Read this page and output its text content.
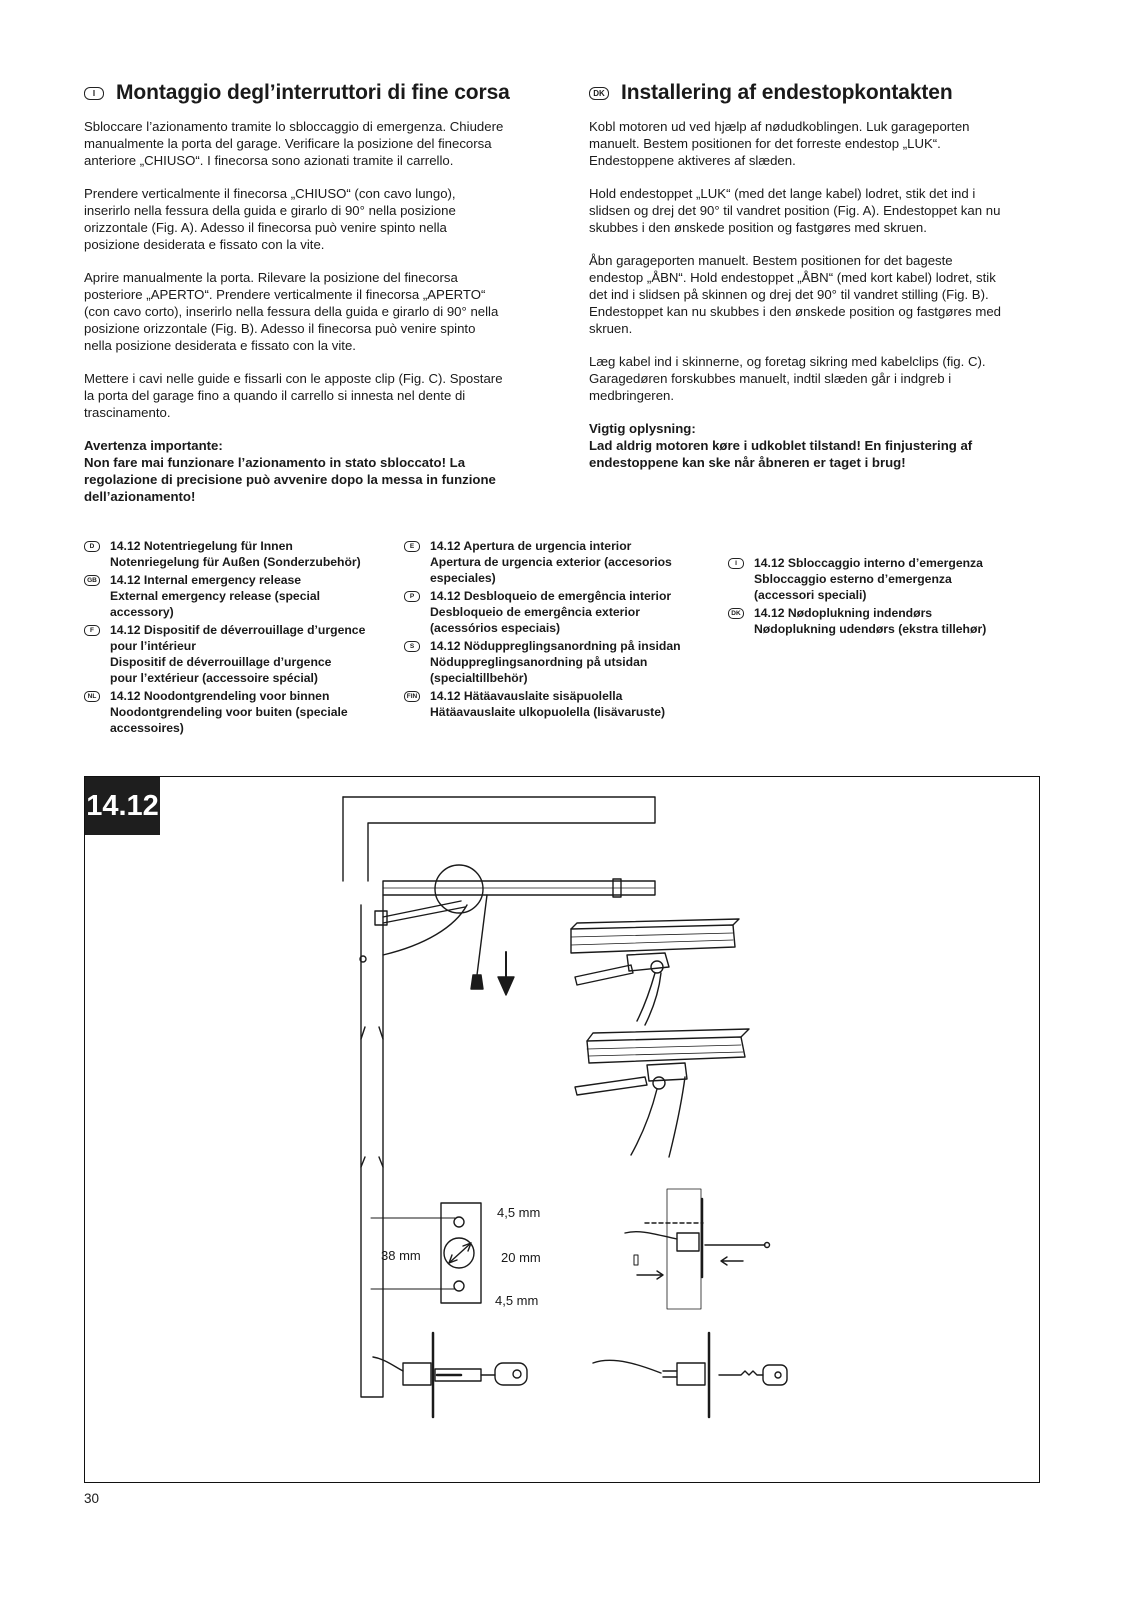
I Montaggio degl’interruttori di fine corsa

Sbloccare l’azionamento tramite lo sbloccaggio di emergenza. Chiudere
manualmente la porta del garage. Verificare la posizione del finecorsa
anteriore „CHIUSO“. I finecorsa sono azionati tramite il carrello.

Prendere verticalmente il finecorsa „CHIUSO“ (con cavo lungo),
inserirlo nella fessura della guida e girarlo di 90° nella posizione
orizzontale (Fig. A). Adesso il finecorsa può venire spinto nella
posizione desiderata e fissato con la vite.

Aprire manualmente la porta. Rilevare la posizione del finecorsa
posteriore „APERTO“. Prendere verticalmente il finecorsa „APERTO“
(con cavo corto), inserirlo nella fessura della guida e girarlo di 90° nella
posizione orizzontale (Fig. B). Adesso il finecorsa può venire spinto
nella posizione desiderata e fissato con la vite.

Mettere i cavi nelle guide e fissarli con le apposte clip (Fig. C). Spostare
la porta del garage fino a quando il carrello si innesta nel dente di
trascinamento.

Avertenza importante:

Non fare mai funzionare l’azionamento in stato sbloccato! La
regolazione di precisione può avvenire dopo la messa in funzione
dell’azionamento!

DK Installering af endestopkontakten

Kobl motoren ud ved hjælp af nødudkoblingen. Luk garageporten
manuelt. Bestem positionen for det forreste endestop „LUK“.
Endestoppene aktiveres af slæden.

Hold endestoppet „LUK“ (med det lange kabel) lodret, stik det ind i
slidsen og drej det 90° til vandret position (Fig. A). Endestoppet kan nu
skubbes i den ønskede position og fastgøres med skruen.

Åbn garageporten manuelt. Bestem positionen for det bageste
endestop „ÅBN“. Hold endestoppet „ÅBN“ (med kort kabel) lodret, stik
det ind i slidsen på skinnen og drej det 90° til vandret stilling (Fig. B).
Endestoppet kan nu skubbes i den ønskede position og fastgøres med
skruen.

Læg kabel ind i skinnerne, og foretag sikring med kabelclips (fig. C).
Garagedøren forskubbes manuelt, indtil slæden går i indgreb i
medbringeren.

Vigtig oplysning:

Lad aldrig motoren køre i udkoblet tilstand! En finjustering af
endestoppene kan ske når åbneren er taget i brug!

D	14.12 Notentriegelung für Innen
Notenriegelung für Außen (Sonderzubehör)
GB 14.12 Internal emergency release
External emergency release (special
accessory)
F	14.12 Dispositif de déverrouillage d’urgence
pour l’intérieur
Dispositif de déverrouillage d’urgence
pour l’extérieur (accessoire spécial)
NL	14.12 Noodontgrendeling voor binnen
Noodontgrendeling voor buiten (speciale
accessoires)
E	14.12 Apertura de urgencia interior
Apertura de urgencia exterior (accesorios
especiales)
P	14.12 Desbloqueio de emergência interior
Desbloqueio de emergência exterior
(acessórios especiais)
S	14.12 Nöduppreglingsanordning på insidan
Nöduppreglingsanordning på utsidan
(specialtillbehör)
FIN 14.12 Hätäavauslaite sisäpuolella
Hätäavauslaite ulkopuolella (lisävaruste)
I	14.12 Sbloccaggio interno d’emergenza
Sbloccaggio esterno d’emergenza
(accessori speciali)
DK 14.12 Nødoplukning indendørs
Nødoplukning udendørs (ekstra tillehør)
4,5 mm
38 mm	20 mm
4,5 mm
14.12
30
